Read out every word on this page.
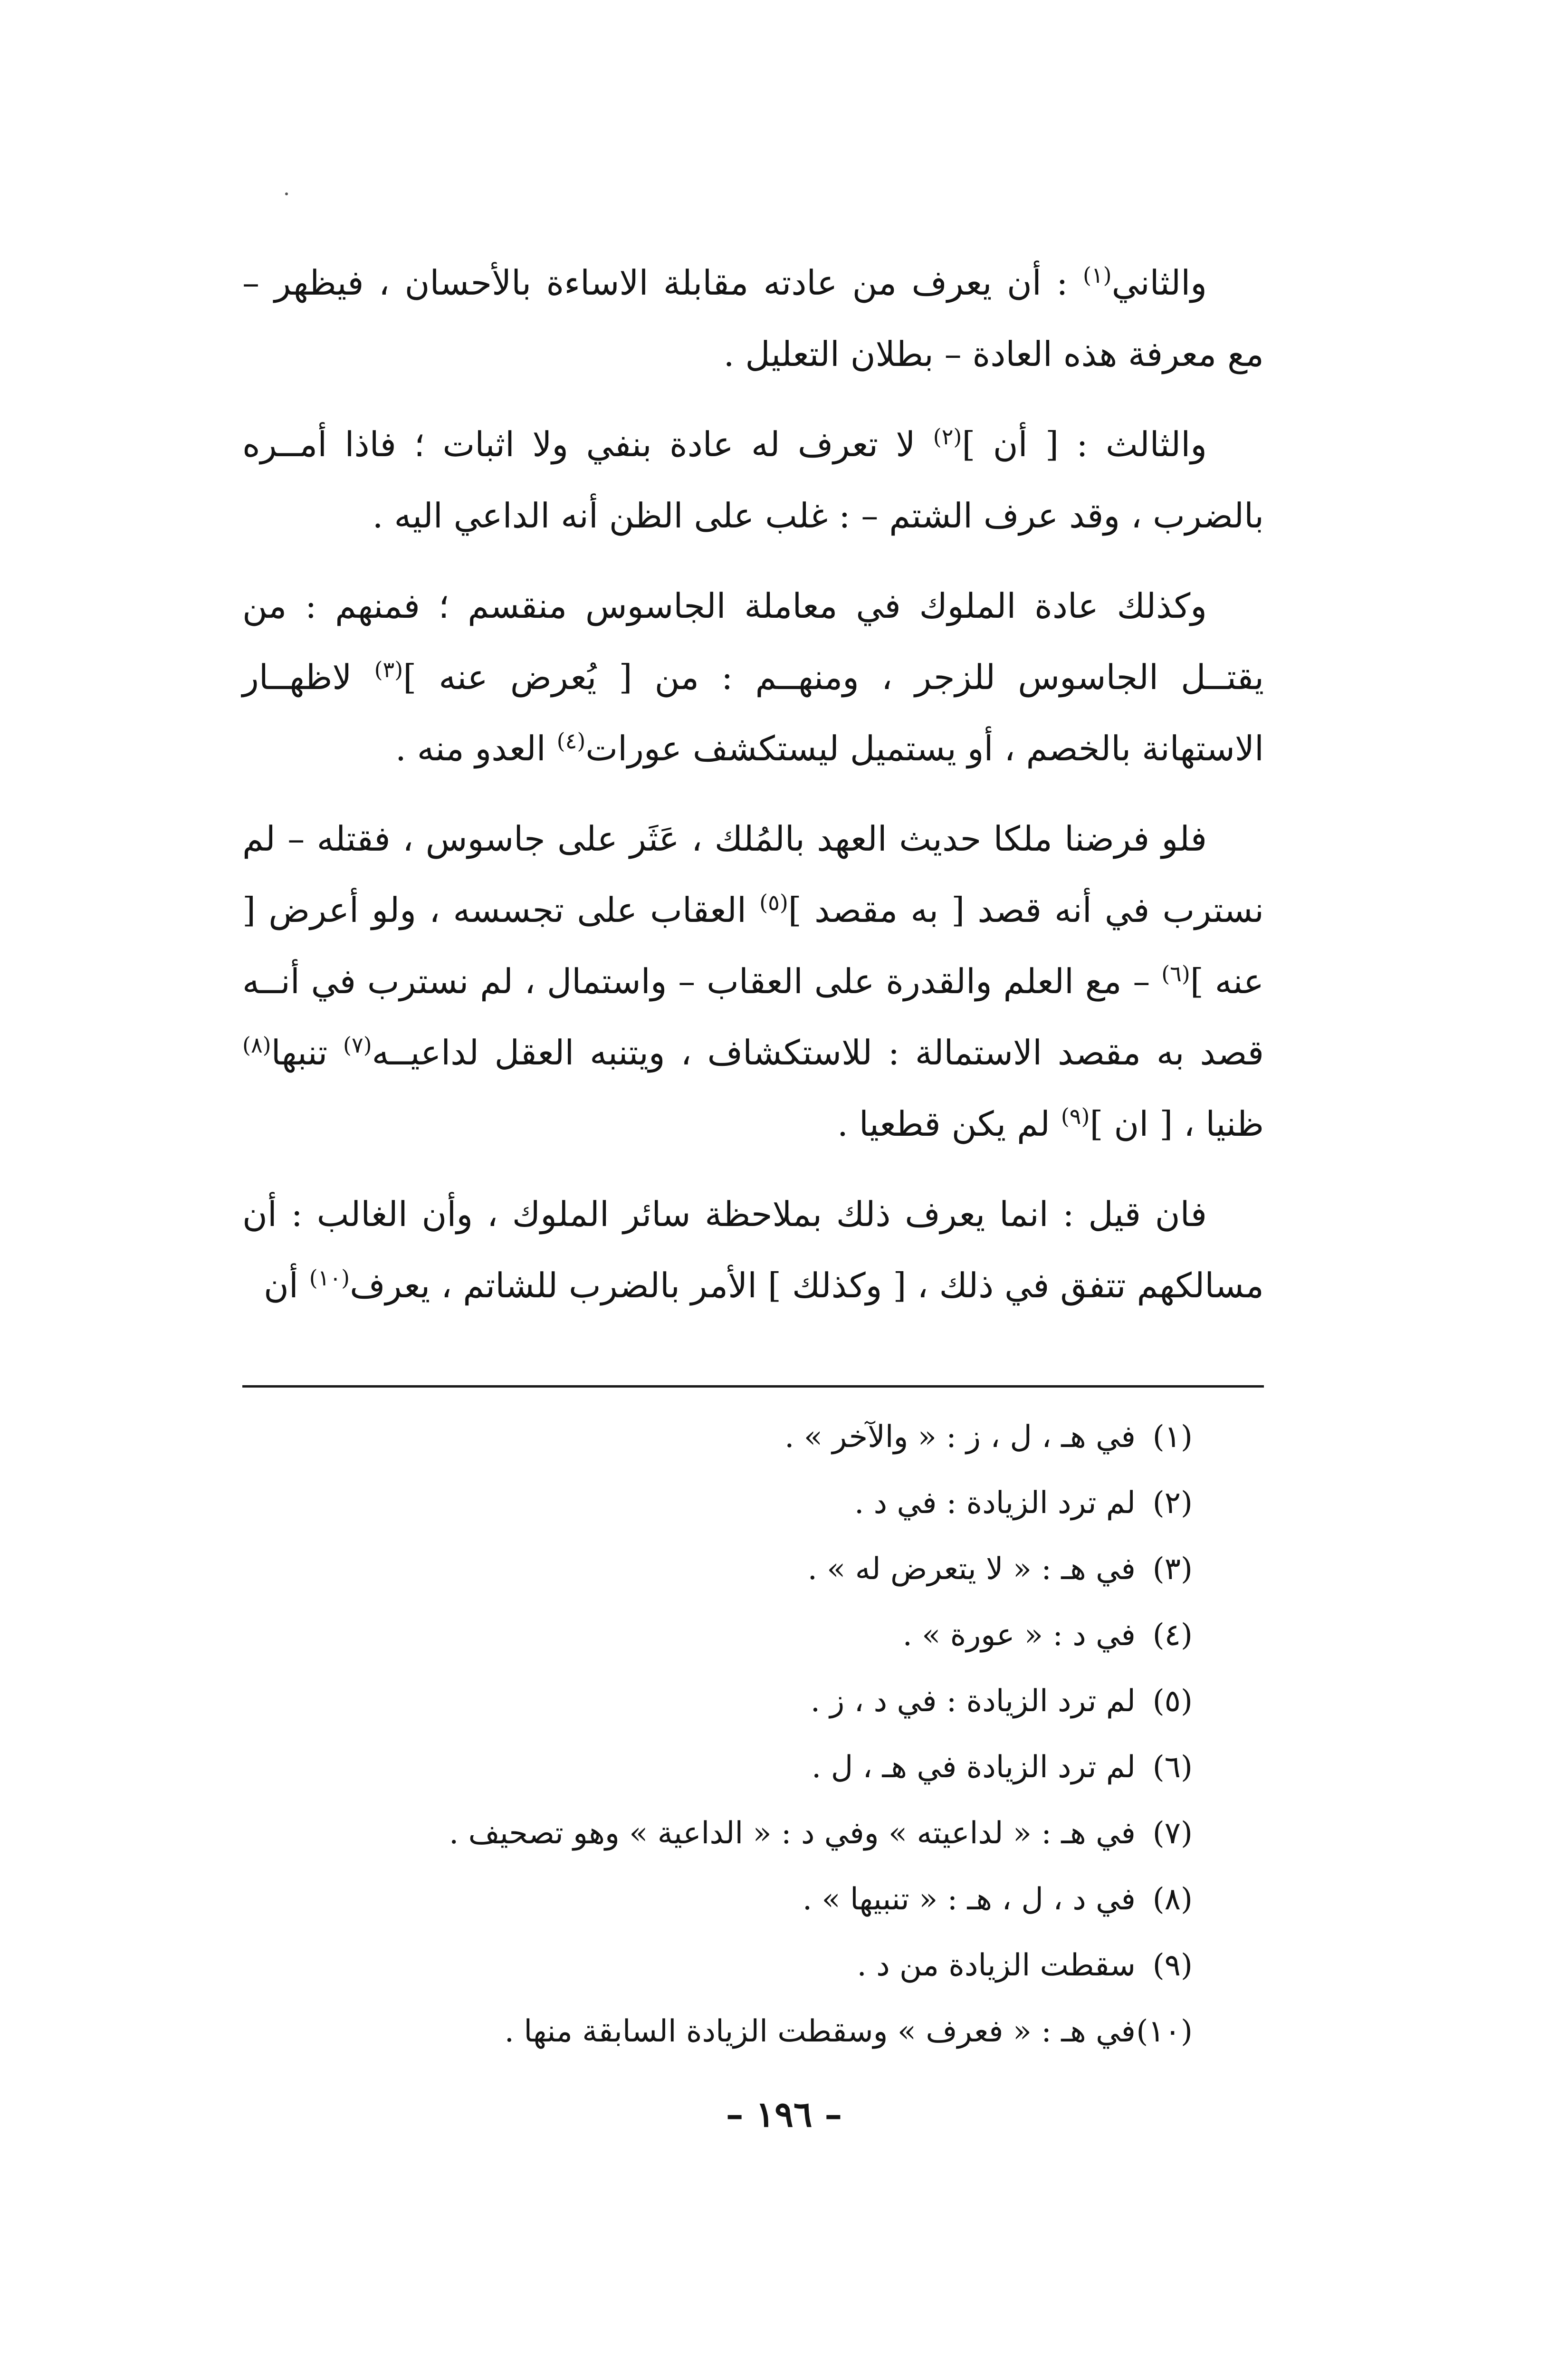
والثاني$^{(١)}$ : أن يعرف من عادته مقابلة الاساءة بالأحسان ، فيظهر – مع معرفة هذه العادة – بطلان التعليل .

والثالث : [ أن ]$^{(٢)}$ لا تعرف له عادة بنفي ولا اثبات ؛ فاذا أمــره بالضرب ، وقد عرف الشتم – : غلب على الظن أنه الداعي اليه .

وكذلك عادة الملوك في معاملة الجاسوس منقسم ؛ فمنهم : من يقتــل الجاسوس للزجر ، ومنهــم : من [ يُعرض عنه ]$^{(٣)}$ لاظهــار الاستهانة بالخصم ، أو يستميل ليستكشف عورات$^{(٤)}$ العدو منه .

فلو فرضنا ملكا حديث العهد بالمُلك ، عَثَر على جاسوس ، فقتله – لم نسترب في أنه قصد [ به مقصد ]$^{(٥)}$ العقاب على تجسسه ، ولو أعرض [ عنه ]$^{(٦)}$ – مع العلم والقدرة على العقاب – واستمال ، لم نسترب في أنــه قصد به مقصد الاستمالة : للاستكشاف ، ويتنبه العقل لداعيــه$^{(٧)}$ تنبها$^{(٨)}$ ظنيا ، [ ان ]$^{(٩)}$ لم يكن قطعيا .

فان قيل : انما يعرف ذلك بملاحظة سائر الملوك ، وأن الغالب : أن مسالكهم تتفق في ذلك ، [ وكذلك ] الأمر بالضرب للشاتم ، يعرف$^{(١٠)}$ أن

(١)في هـ ، ل ، ز : « والآخر » .
(٢)لم ترد الزيادة : في د .
(٣)في هـ : « لا يتعرض له » .
(٤)في د : « عورة » .
(٥)لم ترد الزيادة : في د ، ز .
(٦)لم ترد الزيادة في هـ ، ل .
(٧)في هـ : « لداعيته » وفي د : « الداعية » وهو تصحيف .
(٨)في د ، ل ، هـ : « تنبيها » .
(٩)سقطت الزيادة من د .
(١٠)في هـ : « فعرف » وسقطت الزيادة السابقة منها .
– ١٩٦ –
